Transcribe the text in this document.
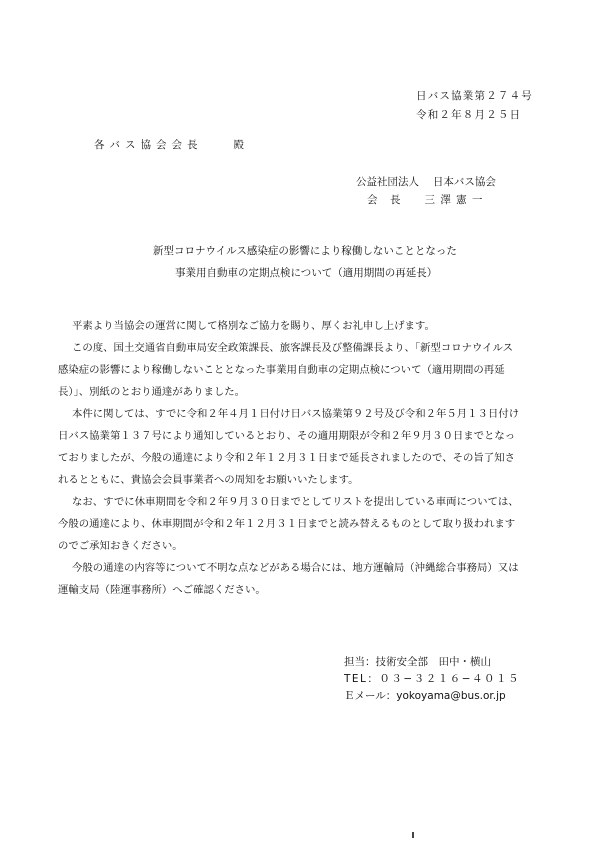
日バス協業第２７４号
令和２年８月２５日
各バス協会会長　　殿
公益社団法人　 日本バス協会
会　長　　三 澤 憲 一
新型コロナウイルス感染症の影響により稼働しないこととなった
事業用自動車の定期点検について（適用期間の再延長）

平素より当協会の運営に関して格別なご協力を賜り、厚くお礼申し上げます。

この度、国土交通省自動車局安全政策課長、旅客課長及び整備課長より、「新型コロナウイルス
感染症の影響により稼働しないこととなった事業用自動車の定期点検について（適用期間の再延
長）」、別紙のとおり通達がありました。

本件に関しては、すでに令和２年４月１日付け日バス協業第９２号及び令和２年５月１３日付け
日バス協業第１３７号により通知しているとおり、その適用期限が令和２年９月３０日までとなっ
ておりましたが、今般の通達により令和２年１２月３１日まで延長されましたので、その旨了知さ
れるとともに、貴協会会員事業者への周知をお願いいたします。

なお、すでに休車期間を令和２年９月３０日までとしてリストを提出している車両については、
今般の通達により、休車期間が令和２年１２月３１日までと読み替えるものとして取り扱われます
のでご承知おきください。

今般の通達の内容等について不明な点などがある場合には、地方運輸局（沖縄総合事務局）又は
運輸支局（陸運事務所）へご確認ください。

担当：技術安全部　田中・横山
TEL：０３−３２１６−４０１５
Ｅメール：yokoyama@bus.or.jp
